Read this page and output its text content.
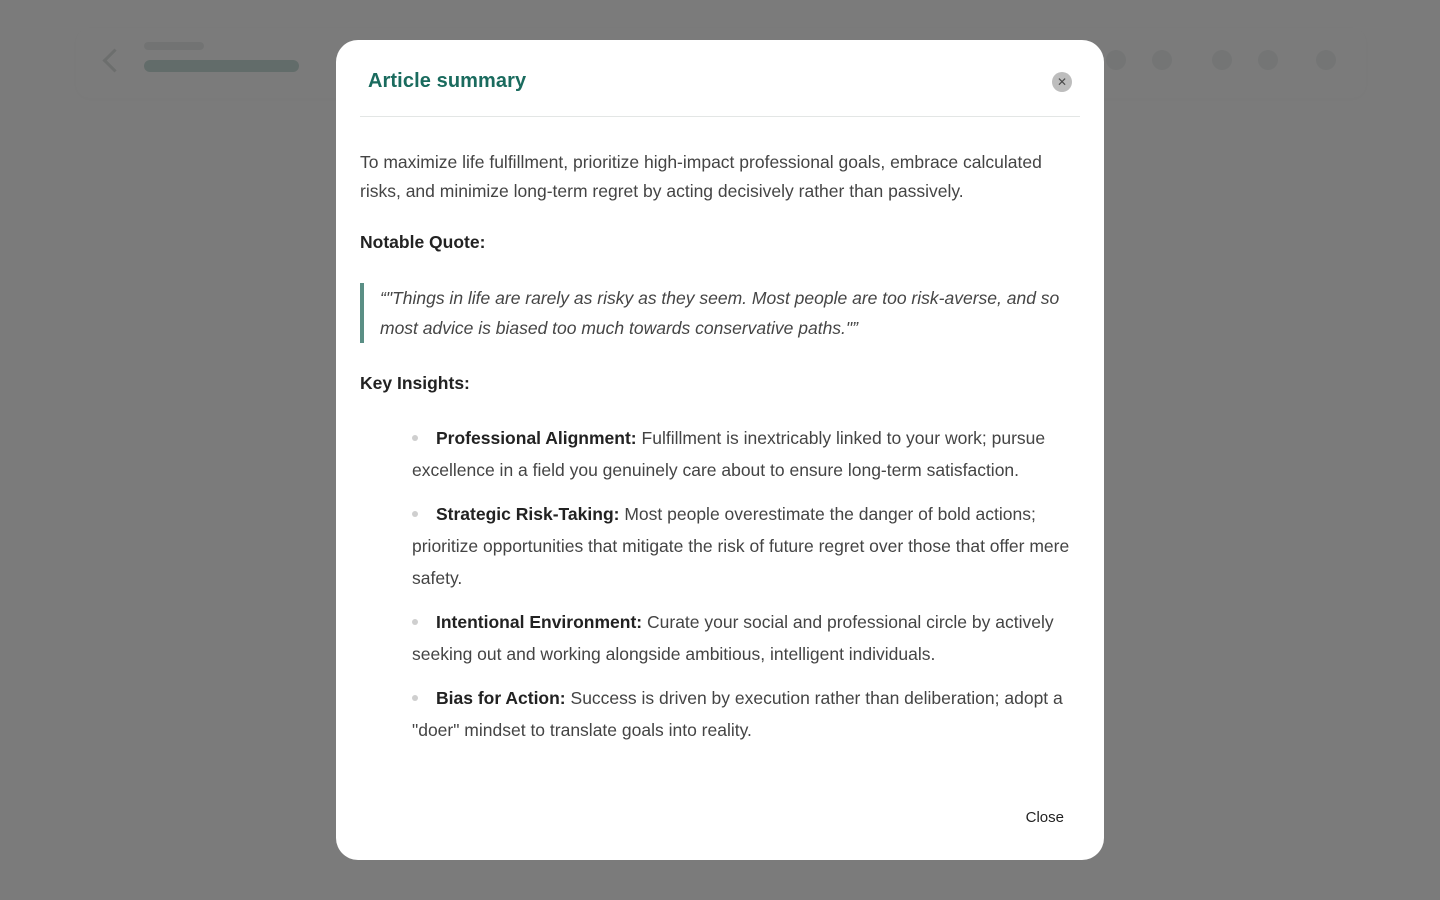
Article summary	✕

To maximize life fulfillment, prioritize high-impact professional goals, embrace calculated risks, and minimize long-term regret by acting decisively rather than passively.

Notable Quote:

“"Things in life are rarely as risky as they seem. Most people are too risk-averse, and so most advice is biased too much towards conservative paths."”

Key Insights:

Professional Alignment: Fulfillment is inextricably linked to your work; pursue excellence in a field you genuinely care about to ensure long-term satisfaction.
Strategic Risk-Taking: Most people overestimate the danger of bold actions; prioritize opportunities that mitigate the risk of future regret over those that offer mere safety.
Intentional Environment: Curate your social and professional circle by actively seeking out and working alongside ambitious, intelligent individuals.
Bias for Action: Success is driven by execution rather than deliberation; adopt a "doer" mindset to translate goals into reality.
Close
